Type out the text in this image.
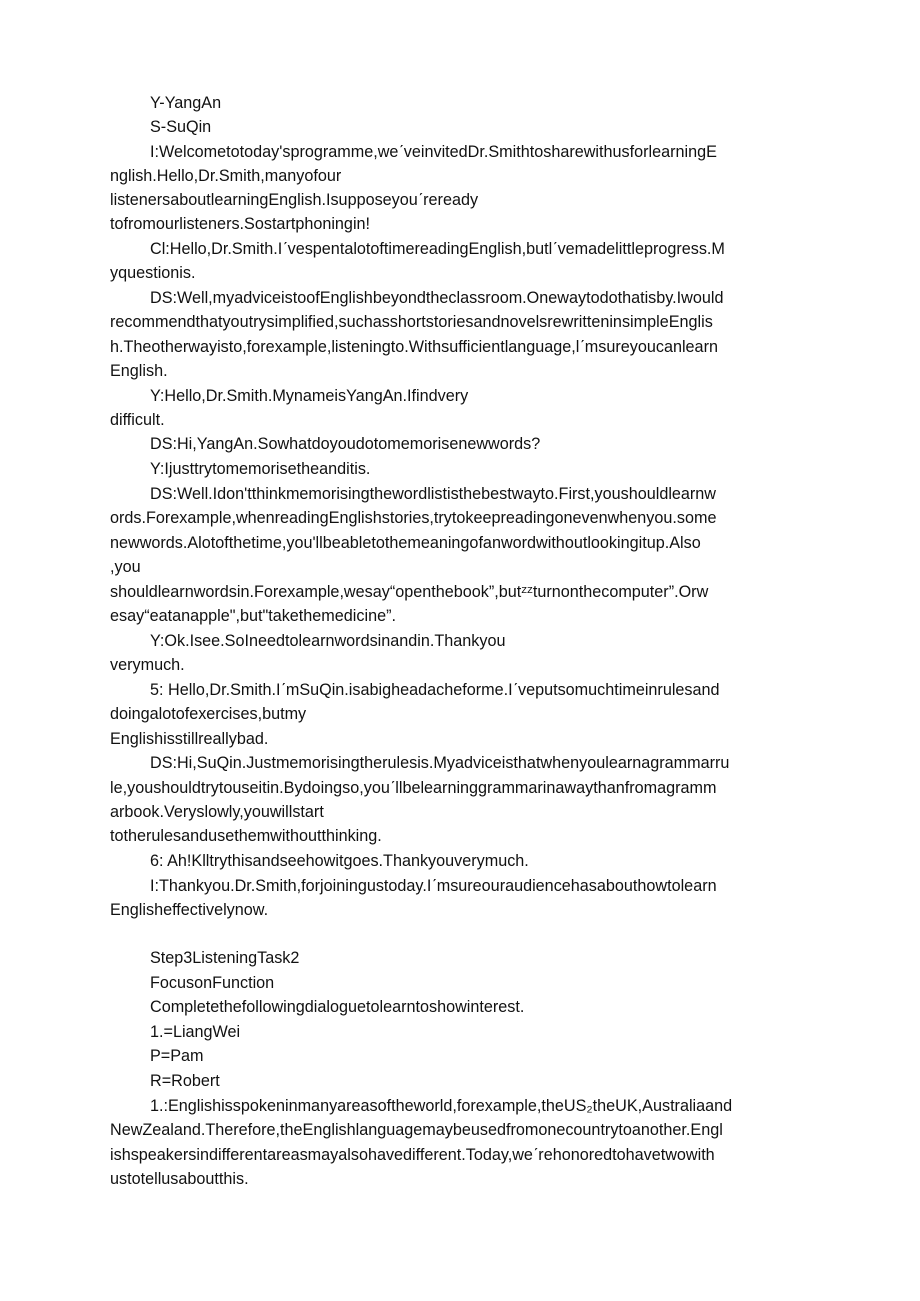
Y-YangAn
S-SuQin
I:Welcometotoday'sprogramme,weʹveinvitedDr.SmithtosharewithusforlearningE
nglish.Hello,Dr.Smith,manyofour
listenersaboutlearningEnglish.Isupposeyouʹreready
tofromourlisteners.Sostartphoningin!
Cl:Hello,Dr.Smith.IʹvespentalotoftimereadingEnglish,butlʹvemadelittleprogress.M
yquestionis.
DS:Well,myadviceistoofEnglishbeyondtheclassroom.Onewaytodothatisby.Iwould
recommendthatyoutrysimplified,suchasshortstoriesandnovelsrewritteninsimpleEnglis
h.Theotherwayisto,forexample,listeningto.Withsufficientlanguage,lʹmsureyoucanlearn
English.
Y:Hello,Dr.Smith.MynameisYangAn.Ifindvery
difficult.
DS:Hi,YangAn.Sowhatdoyoudotomemorisenewwords?
Y:Ijusttrytomemorisetheanditis.
DS:Well.Idon'tthinkmemorisingthewordlististhebestwayto.First,youshouldlearnw
ords.Forexample,whenreadingEnglishstories,trytokeepreadingonevenwhenyou.some
newwords.Alotofthetime,you'llbeabletothemeaningofanwordwithoutlookingitup.Also
,you
shouldlearnwordsin.Forexample,wesay“openthebook”,butᶻᶻturnonthecomputer”.Orw
esay“eatanapple",but"takethemedicine”.
Y:Ok.Isee.SoIneedtolearnwordsinandin.Thankyou
verymuch.
5: Hello,Dr.Smith.IʹmSuQin.isabigheadacheforme.Iʹveputsomuchtimeinrulesand
doingalotofexercises,butmy
Englishisstillreallybad.
DS:Hi,SuQin.Justmemorisingtherulesis.Myadviceisthatwhenyoulearnagrammarru
le,youshouldtrytouseitin.Bydoingso,youʹllbelearninggrammarinawaythanfromagramm
arbook.Veryslowly,youwillstart
totherulesandusethemwithoutthinking.
6: Ah!Klltrythisandseehowitgoes.Thankyouverymuch.
I:Thankyou.Dr.Smith,forjoiningustoday.Iʹmsureouraudiencehasabouthowtolearn
Englisheffectivelynow.
Step3ListeningTask2
FocusonFunction
Completethefollowingdialoguetolearntoshowinterest.
1.=LiangWei
P=Pam
R=Robert
1.:Englishisspokeninmanyareasoftheworld,forexample,theUS₂theUK,Australiaand
NewZealand.Therefore,theEnglishlanguagemaybeusedfromonecountrytoanother.Engl
ishspeakersindifferentareasmayalsohavedifferent.Today,weʹrehonoredtohavetwowith
ustotellusaboutthis.
